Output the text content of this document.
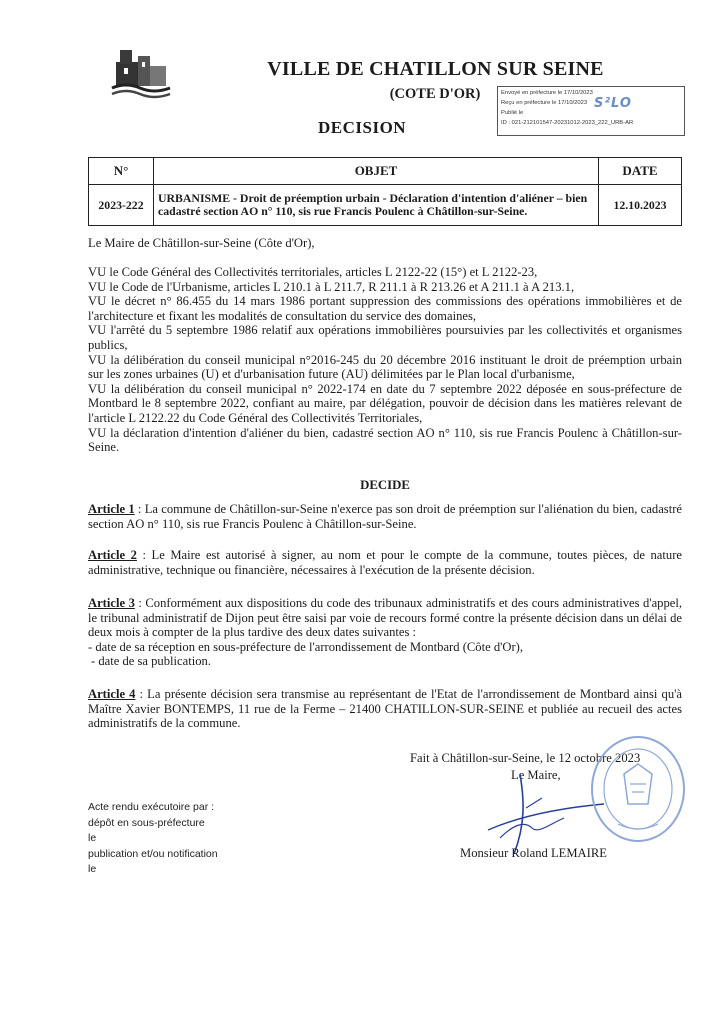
VILLE DE CHATILLON SUR SEINE
(COTE D'OR)
DECISION
Envoyé en préfecture le 17/10/2023
Reçu en préfecture le 17/10/2023
Publié le
ID : 021-212101547-20231012-2023_222_URB-AR
S²LO
N°	OBJET	DATE
2023-222	URBANISME - Droit de préemption urbain - Déclaration d'intention d'aliéner – bien cadastré section AO n° 110, sis rue Francis Poulenc à Châtillon-sur-Seine.	12.10.2023
Le Maire de Châtillon-sur-Seine (Côte d'Or),
VU le Code Général des Collectivités territoriales, articles L 2122-22 (15°) et L 2122-23,
VU le Code de l'Urbanisme, articles L 210.1 à L 211.7, R 211.1 à R 213.26 et A 211.1 à A 213.1,
VU le décret n° 86.455 du 14 mars 1986 portant suppression des commissions des opérations immobilières et de l'architecture et fixant les modalités de consultation du service des domaines,
VU l'arrêté du 5 septembre 1986 relatif aux opérations immobilières poursuivies par les collectivités et organismes publics,
VU la délibération du conseil municipal n°2016-245 du 20 décembre 2016 instituant le droit de préemption urbain sur les zones urbaines (U) et d'urbanisation future (AU) délimitées par le Plan local d'urbanisme,
VU la délibération du conseil municipal n° 2022-174 en date du 7 septembre 2022 déposée en sous-préfecture de Montbard le 8 septembre 2022, confiant au maire, par délégation, pouvoir de décision dans les matières relevant de l'article L 2122.22 du Code Général des Collectivités Territoriales,
VU la déclaration d'intention d'aliéner du bien, cadastré section AO n° 110, sis rue Francis Poulenc à Châtillon-sur-Seine.
DECIDE
Article 1 : La commune de Châtillon-sur-Seine n'exerce pas son droit de préemption sur l'aliénation du bien, cadastré section AO n° 110, sis rue Francis Poulenc à Châtillon-sur-Seine.
Article 2 : Le Maire est autorisé à signer, au nom et pour le compte de la commune, toutes pièces, de nature administrative, technique ou financière, nécessaires à l'exécution de la présente décision.
Article 3 : Conformément aux dispositions du code des tribunaux administratifs et des cours administratives d'appel, le tribunal administratif de Dijon peut être saisi par voie de recours formé contre la présente décision dans un délai de deux mois à compter de la plus tardive des deux dates suivantes :
- date de sa réception en sous-préfecture de l'arrondissement de Montbard (Côte d'Or),
- date de sa publication.
Article 4 : La présente décision sera transmise au représentant de l'Etat de l'arrondissement de Montbard ainsi qu'à Maître Xavier BONTEMPS, 11 rue de la Ferme – 21400 CHATILLON-SUR-SEINE et publiée au recueil des actes administratifs de la commune.
Fait à Châtillon-sur-Seine, le 12 octobre 2023
Le Maire,
Monsieur Roland LEMAIRE
Acte rendu exécutoire par :
dépôt en sous-préfecture
le
publication et/ou notification
le
